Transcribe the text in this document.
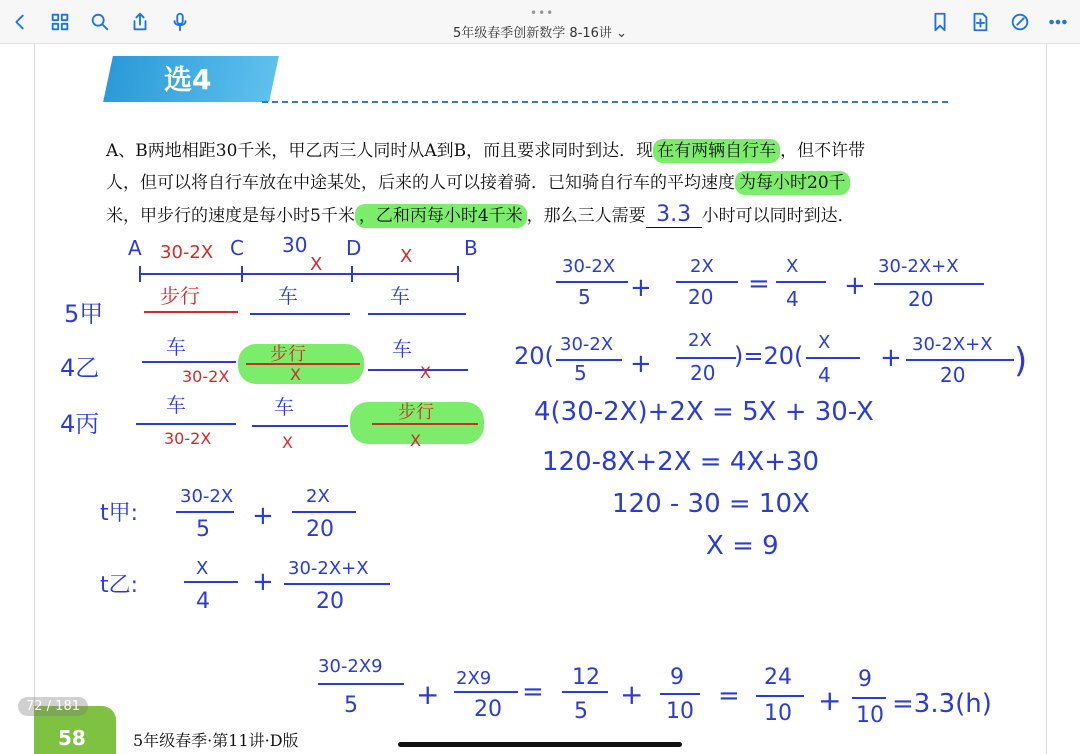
•••
5年级春季创新数学 8-16讲 ⌄
选4
A、B两地相距30千米，甲乙丙三人同时从A到B，而且要求同时到达．现 在有两辆自行车 ，但不许带
人，但可以将自行车放在中途某处，后来的人可以接着骑．已知骑自行车的平均速度 为每小时20千
米，甲步行的速度是每小时5千米 ，乙和丙每小时4千米 ，那么三人需要 3.3 小时可以同时到达．
A	C 30 D	B
30-2X
X	X
5甲
4乙
4丙
步行	车	车
车
30-2X
步行
X
车
X
车
30-2X
车
X
步行
X
t甲:
30-2X
5 +
2X
20
t乙:
X
4
+ 30-2X+X
20
30-2X
5 +
2X
20 =
X
4 +
30-2X+X
20
20( 30-2X
5 +
2X
20
)=20( X
4
+ 30-2X+X
20 )
4(30-2X)+2X = 5X + 30-X
120-8X+2X = 4X+30
120 - 30 = 10X
X = 9
30-2X9
5 + 2X9
20
= 12
5
+
9
10
=
24
10 +
9
10 =3.3(h)
58	5年级春季·第11讲·D版
72 / 181
